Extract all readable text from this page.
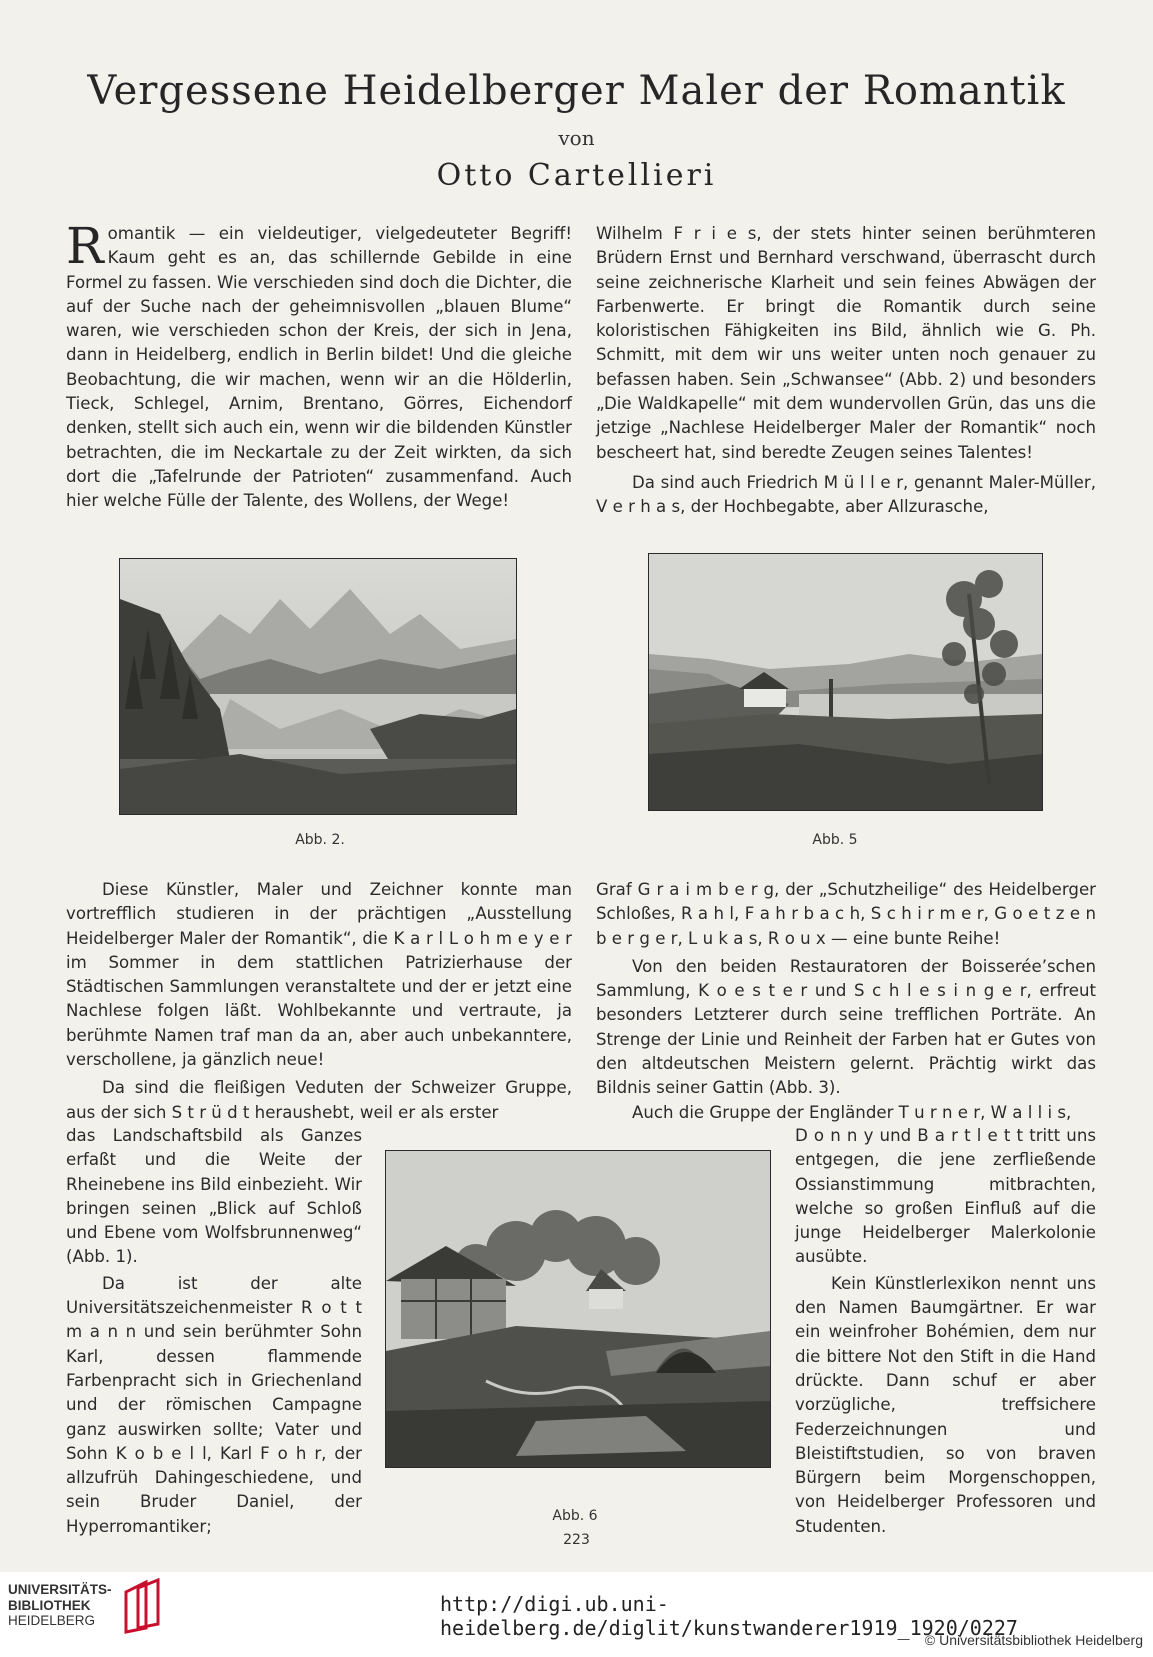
Vergessene Heidelberger Maler der Romantik
von
Otto Cartellieri

Romantik — ein vieldeutiger, vielgedeuteter Begriff! Kaum geht es an, das schillernde Gebilde in eine Formel zu fassen. Wie verschieden sind doch die Dichter, die auf der Suche nach der geheimnisvollen „blauen Blume“ waren, wie verschieden schon der Kreis, der sich in Jena, dann in Heidelberg, endlich in Berlin bildet! Und die gleiche Beobachtung, die wir machen, wenn wir an die Hölderlin, Tieck, Schlegel, Arnim, Brentano, Görres, Eichendorf denken, stellt sich auch ein, wenn wir die bildenden Künstler betrachten, die im Neckartale zu der Zeit wirkten, da sich dort die „Tafelrunde der Patrioten“ zusammenfand. Auch hier welche Fülle der Talente, des Wollens, der Wege!

Wilhelm F r i e s, der stets hinter seinen berühmteren Brüdern Ernst und Bernhard verschwand, überrascht durch seine zeichnerische Klarheit und sein feines Abwägen der Farbenwerte. Er bringt die Romantik durch seine koloristischen Fähigkeiten ins Bild, ähnlich wie G. Ph. Schmitt, mit dem wir uns weiter unten noch genauer zu befassen haben. Sein „Schwansee“ (Abb. 2) und besonders „Die Waldkapelle“ mit dem wundervollen Grün, das uns die jetzige „Nachlese Heidelberger Maler der Romantik“ noch bescheert hat, sind beredte Zeugen seines Talentes!

Da sind auch Friedrich M ü l l e r, genannt Maler-Müller, V e r h a s, der Hochbegabte, aber Allzurasche,

Abb. 2.	Abb. 5

Diese Künstler, Maler und Zeichner konnte man vortrefflich studieren in der prächtigen „Ausstellung Heidelberger Maler der Romantik“, die K a r l L o h m e y e r im Sommer in dem stattlichen Patrizierhause der Städtischen Sammlungen veranstaltete und der er jetzt eine Nachlese folgen läßt. Wohlbekannte und vertraute, ja berühmte Namen traf man da an, aber auch unbekanntere, verschollene, ja gänzlich neue!

Da sind die fleißigen Veduten der Schweizer Gruppe, aus der sich S t r ü d t heraushebt, weil er als erster

Graf G r a i m b e r g, der „Schutzheilige“ des Heidelberger Schloßes, R a h l, F a h r b a c h, S c h i r m e r, G o e t z e n b e r g e r, L u k a s, R o u x — eine bunte Reihe!

Von den beiden Restauratoren der Boisserée’schen Sammlung, K o e s t e r und S c h l e s i n g e r, erfreut besonders Letzterer durch seine trefflichen Porträte. An Strenge der Linie und Reinheit der Farben hat er Gutes von den altdeutschen Meistern gelernt. Prächtig wirkt das Bildnis seiner Gattin (Abb. 3).

Auch die Gruppe der Engländer T u r n e r, W a l l i s,

das Landschaftsbild als Ganzes erfaßt und die Weite der Rheinebene ins Bild einbezieht. Wir bringen seinen „Blick auf Schloß und Ebene vom Wolfsbrunnenweg“ (Abb. 1).

Da ist der alte Universitätszeichenmeister R o t t m a n n und sein berühmter Sohn Karl, dessen flammende Farbenpracht sich in Griechenland und der römischen Campagne ganz auswirken sollte; Vater und Sohn K o b e l l, Karl F o h r, der allzufrüh Dahingeschiedene, und sein Bruder Daniel, der Hyperromantiker;

Abb. 6

D o n n y und B a r t l e t t tritt uns entgegen, die jene zerfließende Ossianstimmung mitbrachten, welche so großen Einfluß auf die junge Heidelberger Malerkolonie ausübte.

Kein Künstlerlexikon nennt uns den Namen Baumgärtner. Er war ein weinfroher Bohémien, dem nur die bittere Not den Stift in die Hand drückte. Dann schuf er aber vorzügliche, treffsichere Federzeichnungen und Bleistiftstudien, so von braven Bürgern beim Morgenschoppen, von Heidelberger Professoren und Studenten.

223
UNIVERSITÄTS-
BIBLIOTHEK
HEIDELBERG
http://digi.ub.uni-heidelberg.de/diglit/kunstwanderer1919_1920/0227
© Universitätsbibliothek Heidelberg
